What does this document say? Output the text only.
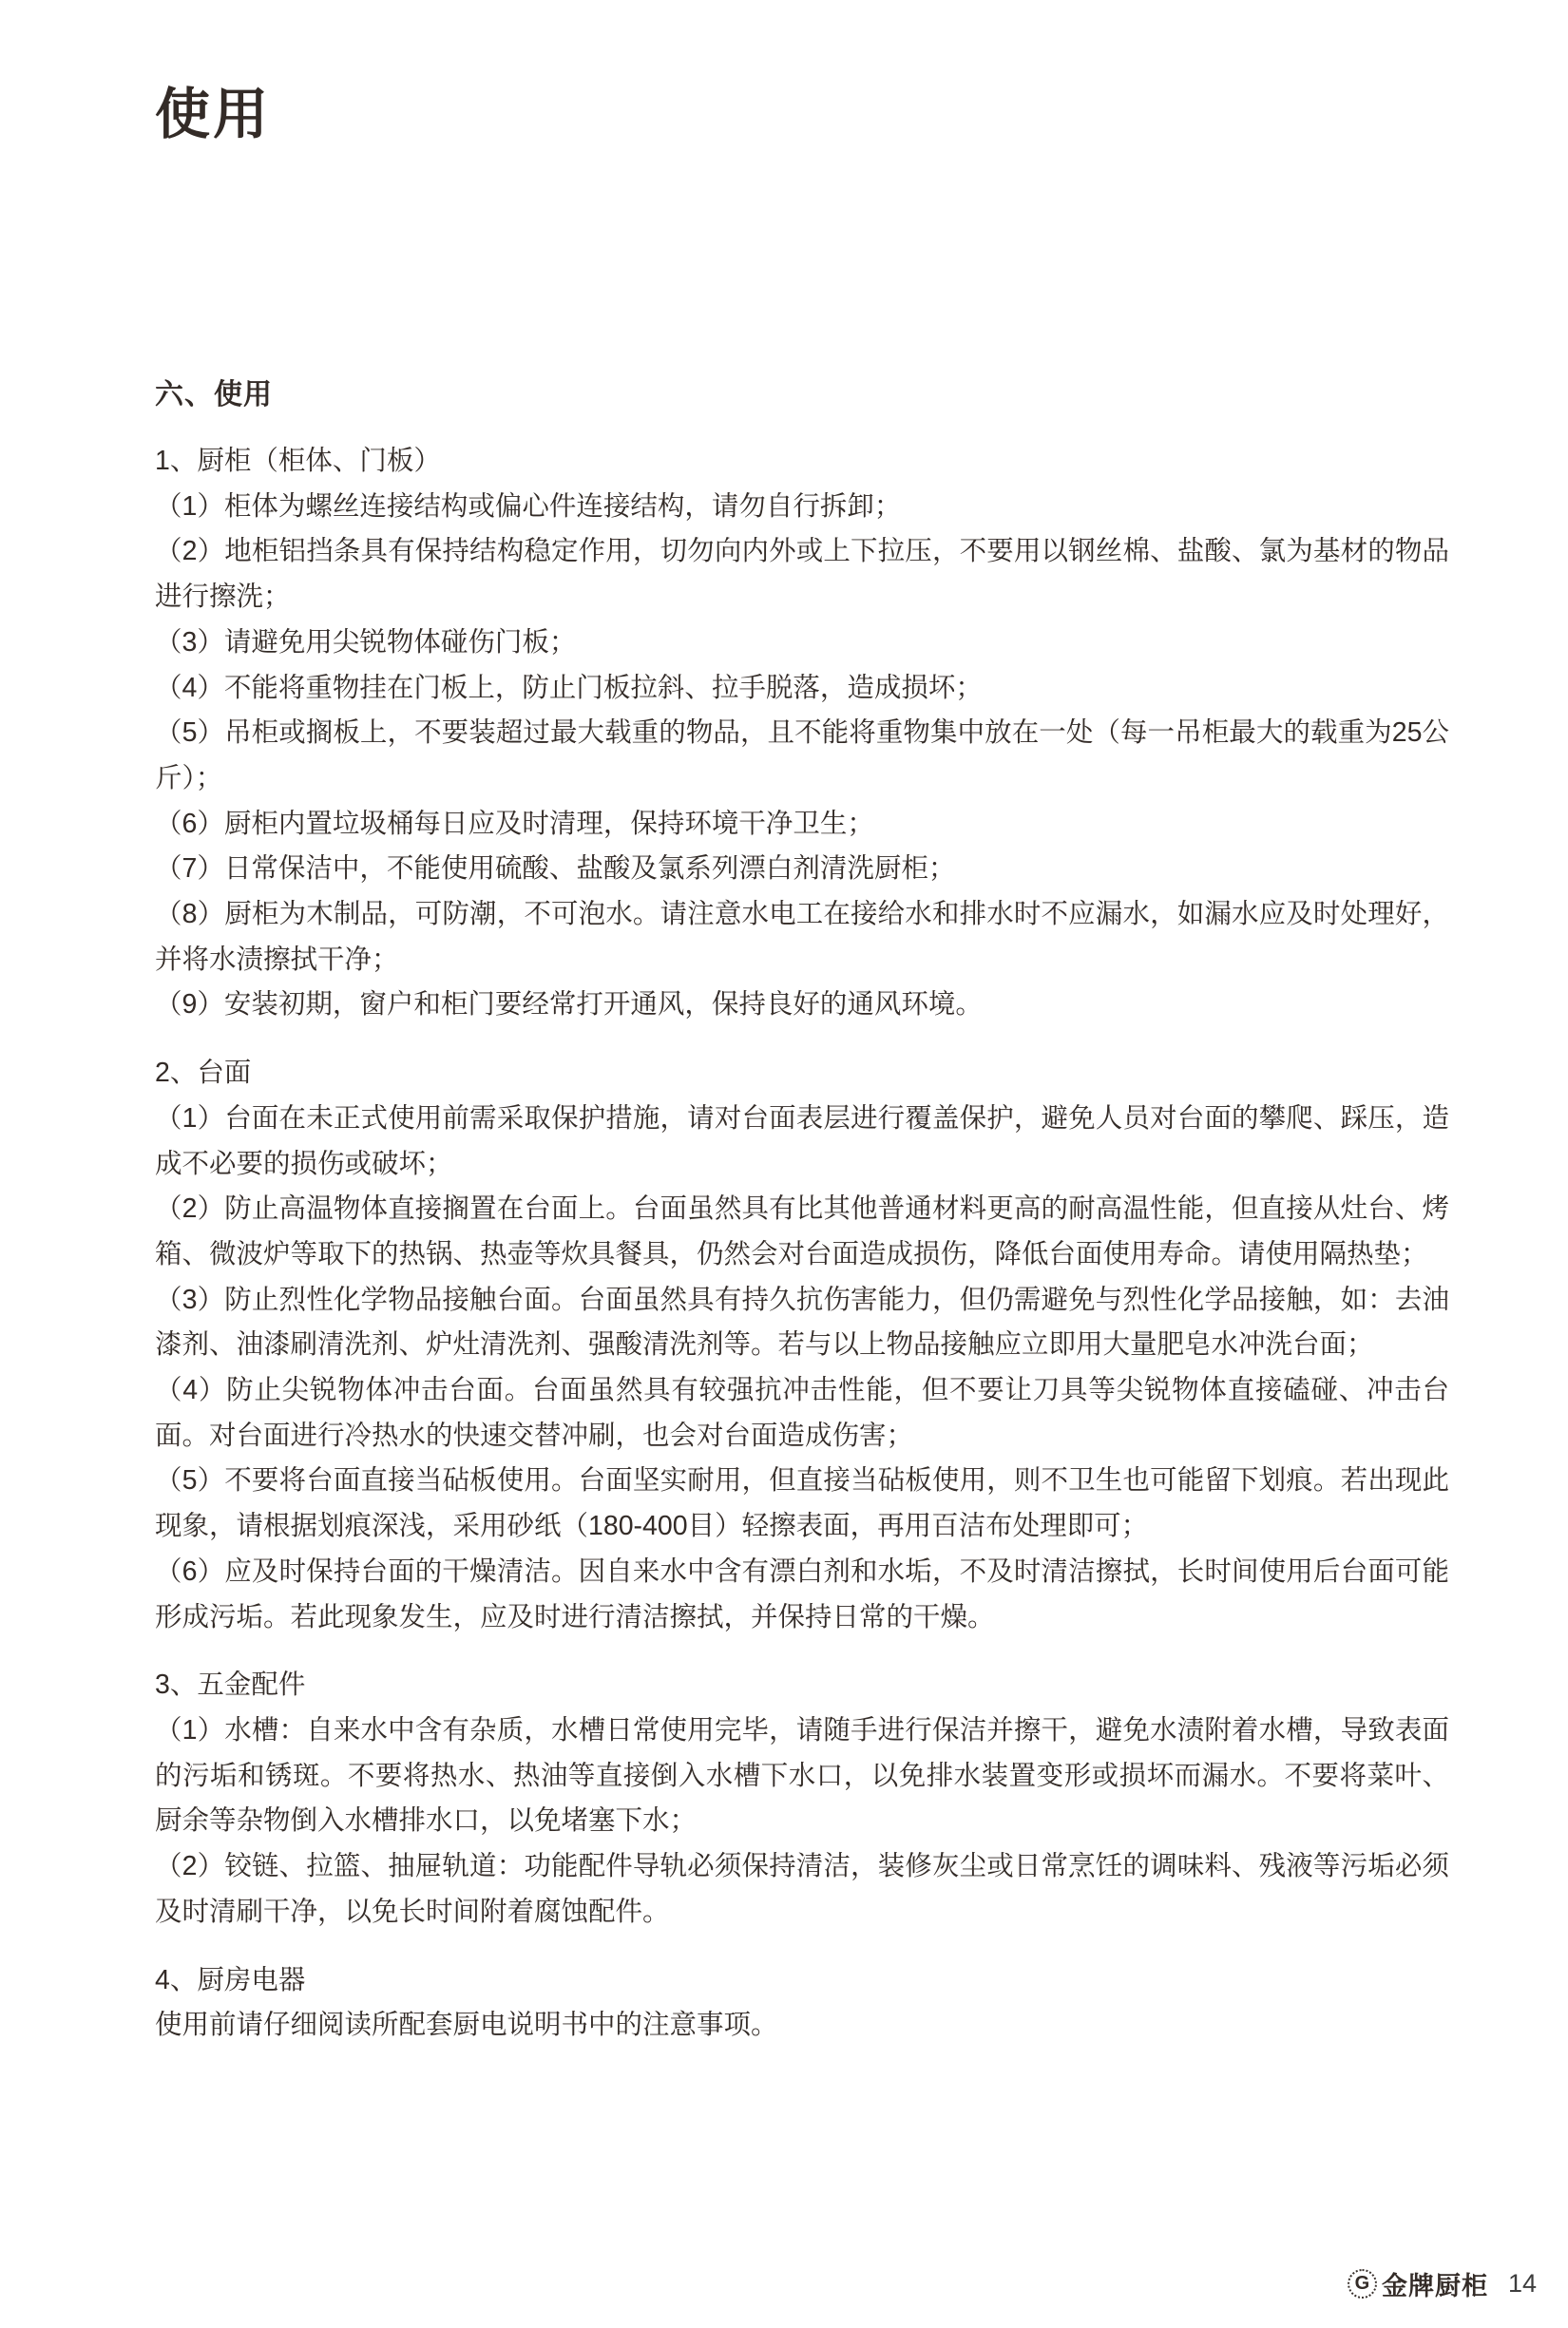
使用
六、使用

1、厨柜（柜体、门板）

（1）柜体为螺丝连接结构或偏心件连接结构，请勿自行拆卸；

（2）地柜铝挡条具有保持结构稳定作用，切勿向内外或上下拉压，不要用以钢丝棉、盐酸、氯为基材的物品进行擦洗；

（3）请避免用尖锐物体碰伤门板；

（4）不能将重物挂在门板上，防止门板拉斜、拉手脱落，造成损坏；

（5）吊柜或搁板上，不要装超过最大载重的物品，且不能将重物集中放在一处（每一吊柜最大的载重为25公斤）；

（6）厨柜内置垃圾桶每日应及时清理，保持环境干净卫生；

（7）日常保洁中，不能使用硫酸、盐酸及氯系列漂白剂清洗厨柜；

（8）厨柜为木制品，可防潮，不可泡水。请注意水电工在接给水和排水时不应漏水，如漏水应及时处理好，并将水渍擦拭干净；

（9）安装初期，窗户和柜门要经常打开通风，保持良好的通风环境。

2、台面

（1）台面在未正式使用前需采取保护措施，请对台面表层进行覆盖保护，避免人员对台面的攀爬、踩压，造成不必要的损伤或破坏；

（2）防止高温物体直接搁置在台面上。台面虽然具有比其他普通材料更高的耐高温性能，但直接从灶台、烤箱、微波炉等取下的热锅、热壶等炊具餐具，仍然会对台面造成损伤，降低台面使用寿命。请使用隔热垫；

（3）防止烈性化学物品接触台面。台面虽然具有持久抗伤害能力，但仍需避免与烈性化学品接触，如：去油漆剂、油漆刷清洗剂、炉灶清洗剂、强酸清洗剂等。若与以上物品接触应立即用大量肥皂水冲洗台面；

（4）防止尖锐物体冲击台面。台面虽然具有较强抗冲击性能，但不要让刀具等尖锐物体直接磕碰、冲击台面。对台面进行冷热水的快速交替冲刷，也会对台面造成伤害；

（5）不要将台面直接当砧板使用。台面坚实耐用，但直接当砧板使用，则不卫生也可能留下划痕。若出现此现象，请根据划痕深浅，采用砂纸（180-400目）轻擦表面，再用百洁布处理即可；

（6）应及时保持台面的干燥清洁。因自来水中含有漂白剂和水垢，不及时清洁擦拭，长时间使用后台面可能形成污垢。若此现象发生，应及时进行清洁擦拭，并保持日常的干燥。

3、五金配件

（1）水槽：自来水中含有杂质，水槽日常使用完毕，请随手进行保洁并擦干，避免水渍附着水槽，导致表面的污垢和锈斑。不要将热水、热油等直接倒入水槽下水口，以免排水装置变形或损坏而漏水。不要将菜叶、厨余等杂物倒入水槽排水口，以免堵塞下水；

（2）铰链、拉篮、抽屉轨道：功能配件导轨必须保持清洁，装修灰尘或日常烹饪的调味料、残液等污垢必须及时清刷干净，以免长时间附着腐蚀配件。

4、厨房电器

使用前请仔细阅读所配套厨电说明书中的注意事项。

G 金牌厨柜 14
